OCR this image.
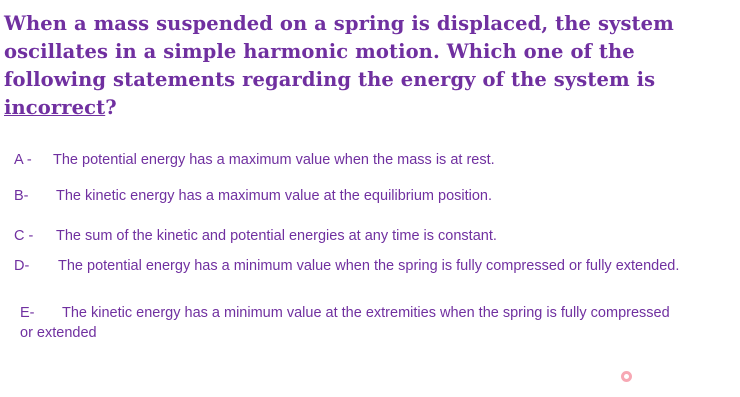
When a mass suspended on a spring is displaced, the system oscillates in a simple harmonic motion. Which one of the following statements regarding the energy of the system is incorrect?

A - The potential energy has a maximum value when the mass is at rest.

B- The kinetic energy has a maximum value at the equilibrium position.

C - The sum of the kinetic and potential energies at any time is constant.

D- The potential energy has a minimum value when the spring is fully compressed or fully extended.

E- The kinetic energy has a minimum value at the extremities when the spring is fully compressed or extended
